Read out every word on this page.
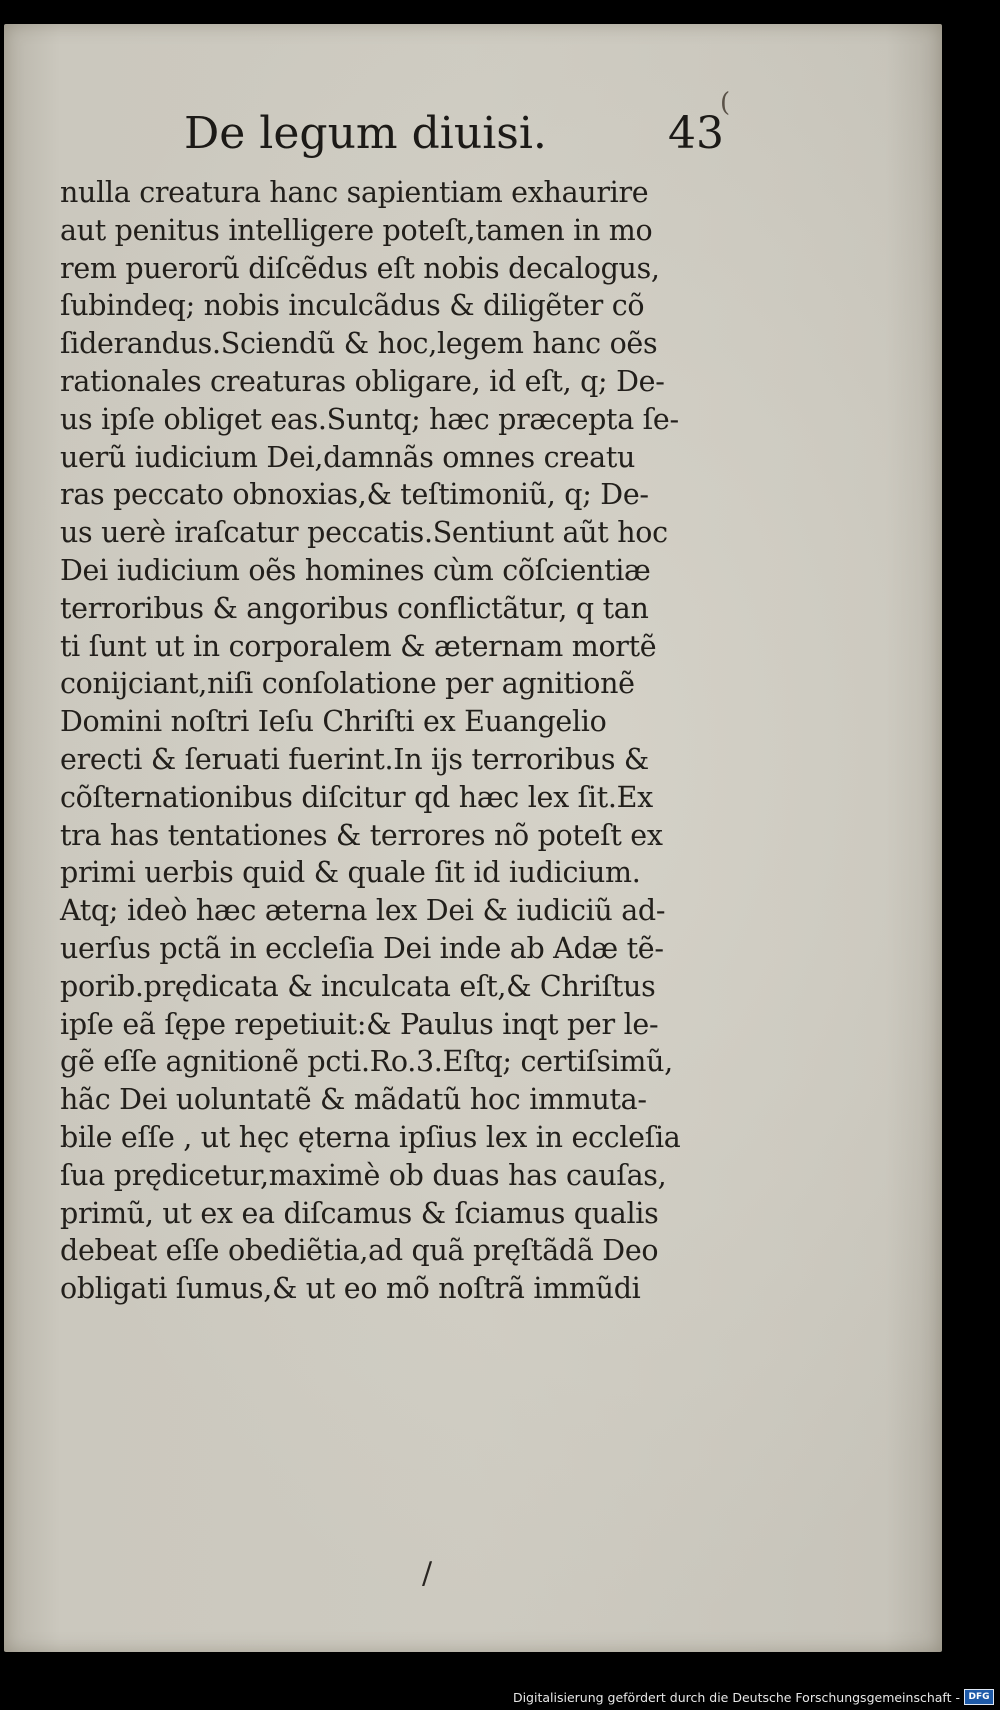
(
De legum diuisi.	43
nulla creatura hanc sapientiam exhaurire
aut penitus intelligere poteſt,tamen in mo
rem puerorũ diſcẽdus eſt nobis decalogus,
ſubindeq; nobis inculcãdus & diligẽter cõ
ſiderandus.Sciendũ & hoc,legem hanc oẽs
rationales creaturas obligare, id eſt, q; De-
us ipſe obliget eas.Suntq; hæc præcepta ſe-
uerũ iudicium Dei,damnãs omnes creatu
ras peccato obnoxias,& teſtimoniũ, q; De-
us uerè iraſcatur peccatis.Sentiunt aũt hoc
Dei iudicium oẽs homines cùm cõſcientiæ
terroribus & angoribus conflictãtur, q tan
ti ſunt ut in corporalem & æternam mortẽ
conijciant,niſi conſolatione per agnitionẽ
Domini noſtri Ieſu Chriſti ex Euangelio
erecti & ſeruati fuerint.In ijs terroribus &
cõſternationibus diſcitur qd hæc lex ſit.Ex
tra has tentationes & terrores nõ poteſt ex
primi uerbis quid & quale ſit id iudicium.
Atq; ideò hæc æterna lex Dei & iudiciũ ad-
uerſus pctã in eccleſia Dei inde ab Adæ tẽ-
porib.prędicata & inculcata eſt,& Chriſtus
ipſe eã ſępe repetiuit:& Paulus inqt per le-
gẽ eſſe agnitionẽ pcti.Ro.3.Eſtq; certiſsimũ,
hãc Dei uoluntatẽ & mãdatũ hoc immuta-
bile eſſe , ut hęc ęterna ipſius lex in eccleſia
ſua prędicetur,maximè ob duas has cauſas,
primũ, ut ex ea diſcamus & ſciamus qualis
debeat eſſe obediẽtia,ad quã pręſtãdã Deo
obligati ſumus,& ut eo mõ noſtrã immũdi
/
Digitalisierung gefördert durch die Deutsche Forschungsgemeinschaft - DFG
